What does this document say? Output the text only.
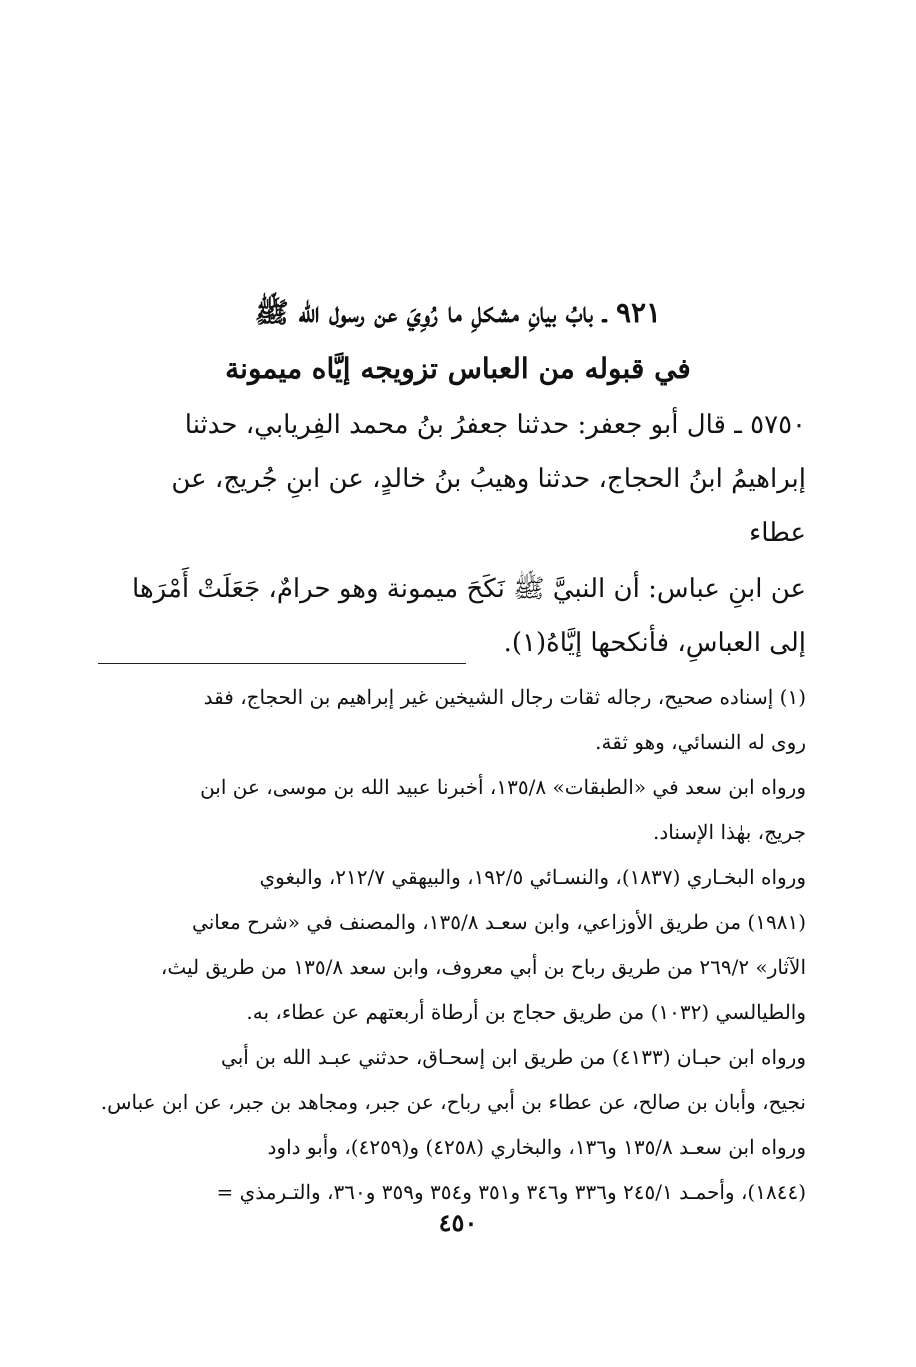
٩٢١ ـ بابُ بيانِ مشكلِ ما رُوِيَ عن رسول الله ﷺ
في قبوله من العباس تزويجه إيَّاه ميمونة
٥٧٥٠ ـ قال أبو جعفر: حدثنا جعفرُ بنُ محمد الفِريابي، حدثنا
إبراهيمُ ابنُ الحجاج، حدثنا وهيبُ بنُ خالدٍ، عن ابنِ جُريج، عن
عطاء
عن ابنِ عباس: أن النبيَّ ﷺ نَكَحَ ميمونة وهو حرامٌ، جَعَلَتْ أَمْرَها
إلى العباسِ، فأنكحها إيَّاهُ(١).
(١) إسناده صحيح، رجاله ثقات رجال الشيخين غير إبراهيم بن الحجاج، فقد
روى له النسائي، وهو ثقة.
ورواه ابن سعد في «الطبقات» ١٣٥/٨، أخبرنا عبيد الله بن موسى، عن ابن
جريج، بهٰذا الإسناد.
ورواه البخـاري (١٨٣٧)، والنسـائي ١٩٢/٥، والبيهقي ٢١٢/٧، والبغوي
(١٩٨١) من طريق الأوزاعي، وابن سعـد ١٣٥/٨، والمصنف في «شرح معاني
الآثار» ٢٦٩/٢ من طريق رباح بن أبي معروف، وابن سعد ١٣٥/٨ من طريق ليث،
والطيالسي (١٠٣٢) من طريق حجاج بن أرطاة أربعتهم عن عطاء، به.
ورواه ابن حبـان (٤١٣٣) من طريق ابن إسحـاق، حدثني عبـد الله بن أبي
نجيح، وأبان بن صالح، عن عطاء بن أبي رباح، عن جبر، ومجاهد بن جبر، عن ابن عباس.
ورواه ابن سعـد ١٣٥/٨ و١٣٦، والبخاري (٤٢٥٨) و(٤٢٥٩)، وأبو داود
(١٨٤٤)، وأحمـد ٢٤٥/١ و٣٣٦ و٣٤٦ و٣٥١ و٣٥٤ و٣٥٩ و٣٦٠، والتـرمذي =
٤٥٠
